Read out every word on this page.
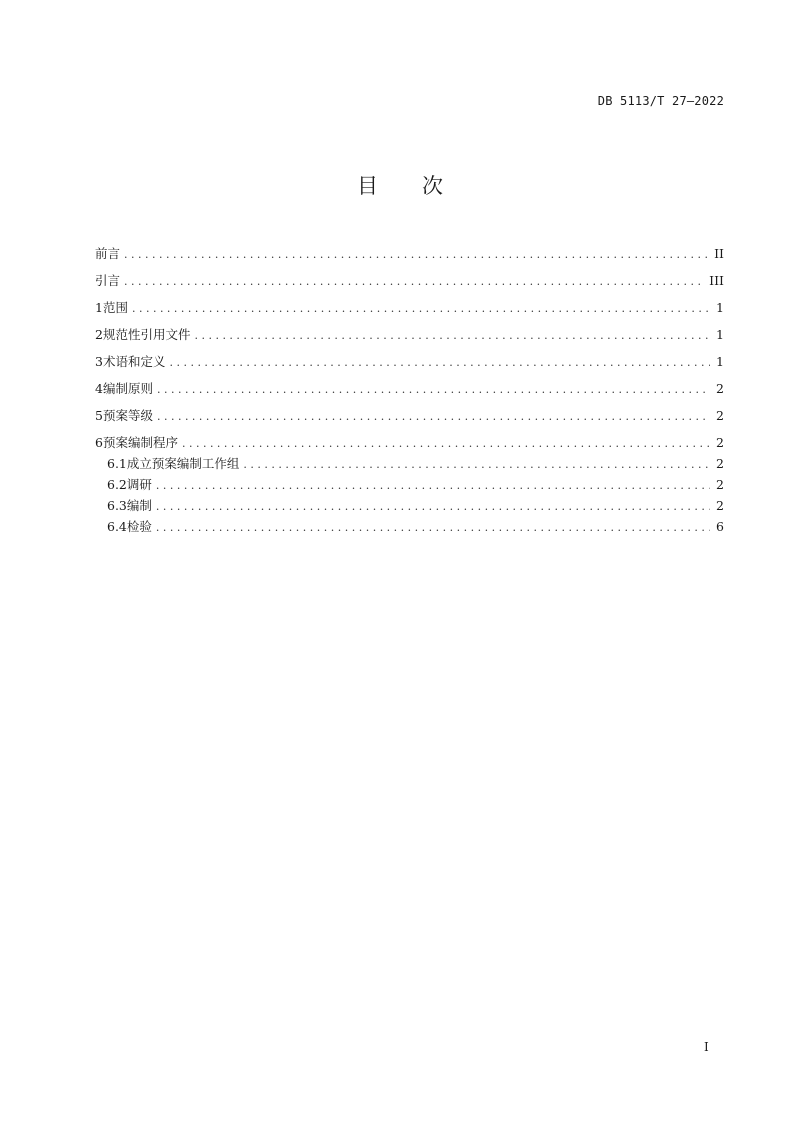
DB 5113/T 27—2022
目 次
前言 . . .	II
引言 . . .	III
1 范围 . . .	1
2 规范性引用文件 . . .	1
3 术语和定义 . . .	1
4 编制原则 . . .	2
5 预案等级 . . .	2
6 预案编制程序 . . .	2
6.1 成立预案编制工作组 . . .	2
6.2 调研 . . .	2
6.3 编制 . . .	2
6.4 检验 . . .	6
I
